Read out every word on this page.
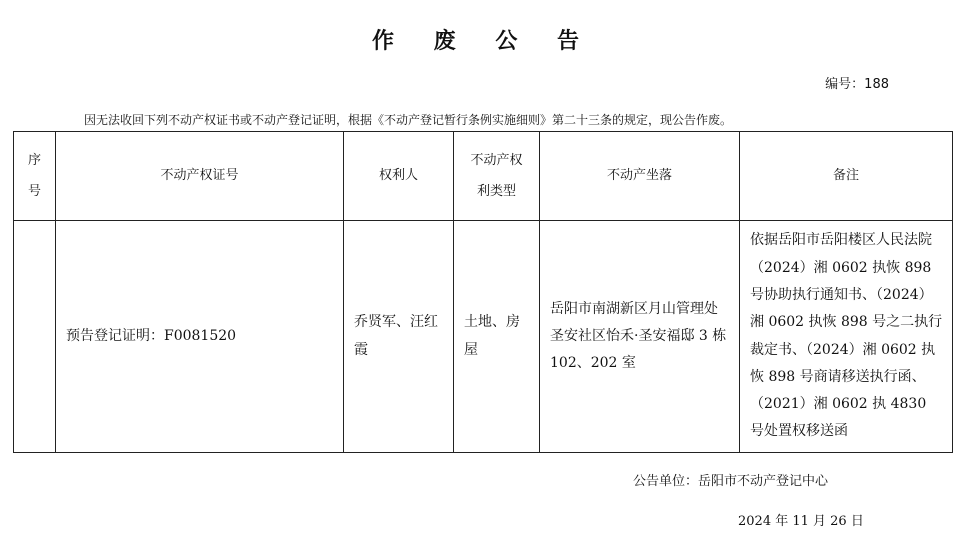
作 废 公 告
编号：188
因无法收回下列不动产权证书或不动产登记证明，根据《不动产登记暂行条例实施细则》第二十三条的规定，现公告作废。
序号	不动产权证号	权利人	不动产权利类型	不动产坐落	备注
	预告登记证明：F0081520	乔贤军、汪红霞	土地、房屋	岳阳市南湖新区月山管理处圣安社区怡禾·圣安福邸 3 栋 102、202 室	依据岳阳市岳阳楼区人民法院（2024）湘 0602 执恢 898 号协助执行通知书、（2024）湘 0602 执恢 898 号之二执行裁定书、（2024）湘 0602 执恢 898 号商请移送执行函、（2021）湘 0602 执 4830 号处置权移送函
公告单位：岳阳市不动产登记中心
2024 年 11 月 26 日
